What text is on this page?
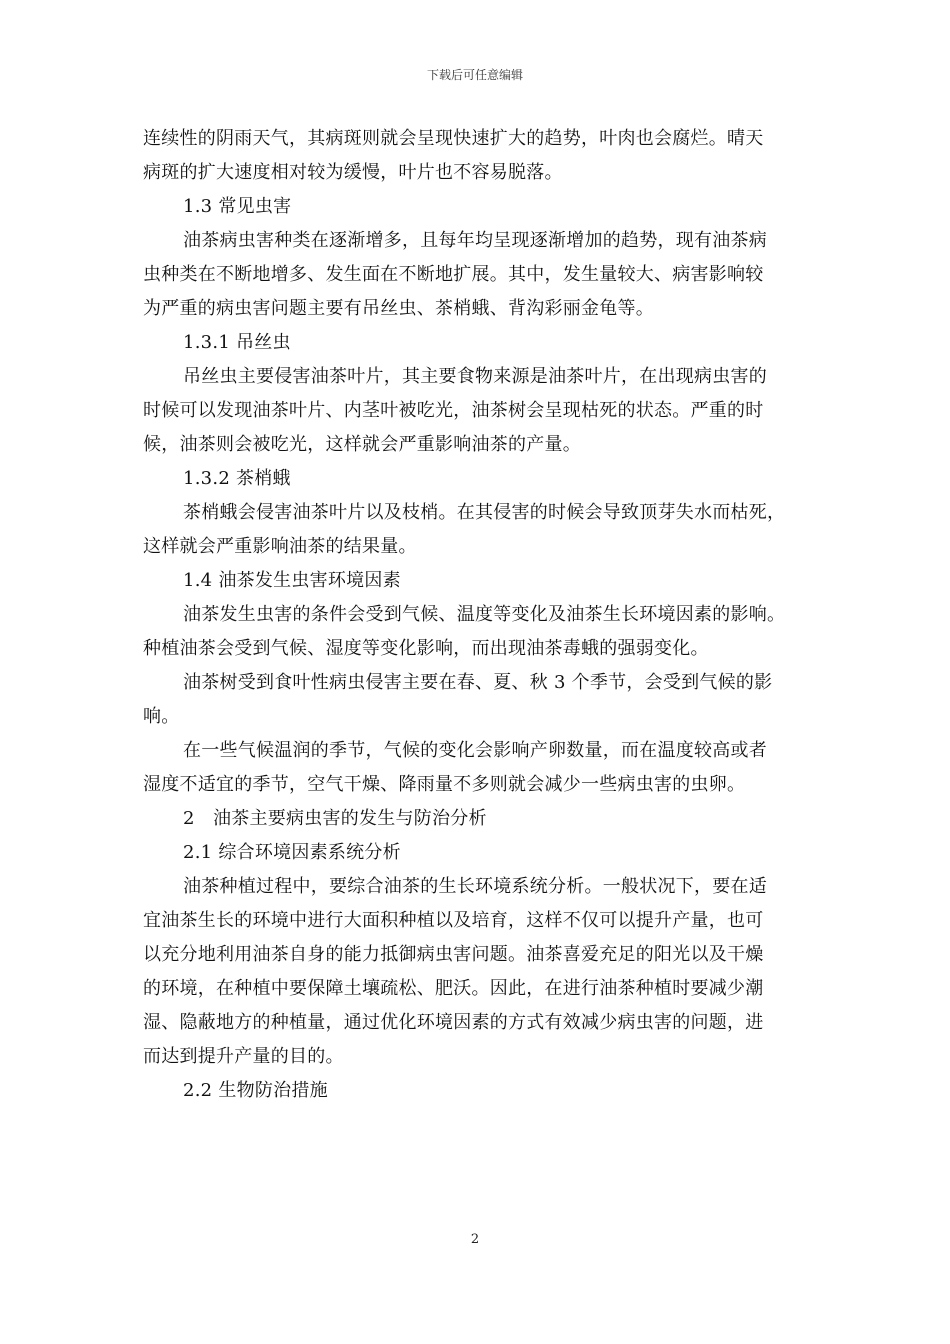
下载后可任意编辑
连续性的阴雨天气，其病斑则就会呈现快速扩大的趋势，叶肉也会腐烂。晴天
病斑的扩大速度相对较为缓慢，叶片也不容易脱落。
1.3 常见虫害
油茶病虫害种类在逐渐增多，且每年均呈现逐渐增加的趋势，现有油茶病
虫种类在不断地增多、发生面在不断地扩展。其中，发生量较大、病害影响较
为严重的病虫害问题主要有吊丝虫、茶梢蛾、背沟彩丽金龟等。
1.3.1 吊丝虫
吊丝虫主要侵害油茶叶片，其主要食物来源是油茶叶片，在出现病虫害的
时候可以发现油茶叶片、内茎叶被吃光，油茶树会呈现枯死的状态。严重的时
候，油茶则会被吃光，这样就会严重影响油茶的产量。
1.3.2 茶梢蛾
茶梢蛾会侵害油茶叶片以及枝梢。在其侵害的时候会导致顶芽失水而枯死，
这样就会严重影响油茶的结果量。
1.4 油茶发生虫害环境因素
油茶发生虫害的条件会受到气候、温度等变化及油茶生长环境因素的影响。
种植油茶会受到气候、湿度等变化影响，而出现油茶毒蛾的强弱变化。
油茶树受到食叶性病虫侵害主要在春、夏、秋 3 个季节，会受到气候的影
响。
在一些气候温润的季节，气候的变化会影响产卵数量，而在温度较高或者
湿度不适宜的季节，空气干燥、降雨量不多则就会减少一些病虫害的虫卵。
2　油茶主要病虫害的发生与防治分析
2.1 综合环境因素系统分析
油茶种植过程中，要综合油茶的生长环境系统分析。一般状况下，要在适
宜油茶生长的环境中进行大面积种植以及培育，这样不仅可以提升产量，也可
以充分地利用油茶自身的能力抵御病虫害问题。油茶喜爱充足的阳光以及干燥
的环境，在种植中要保障土壤疏松、肥沃。因此，在进行油茶种植时要减少潮
湿、隐蔽地方的种植量，通过优化环境因素的方式有效减少病虫害的问题，进
而达到提升产量的目的。
2.2 生物防治措施
2
